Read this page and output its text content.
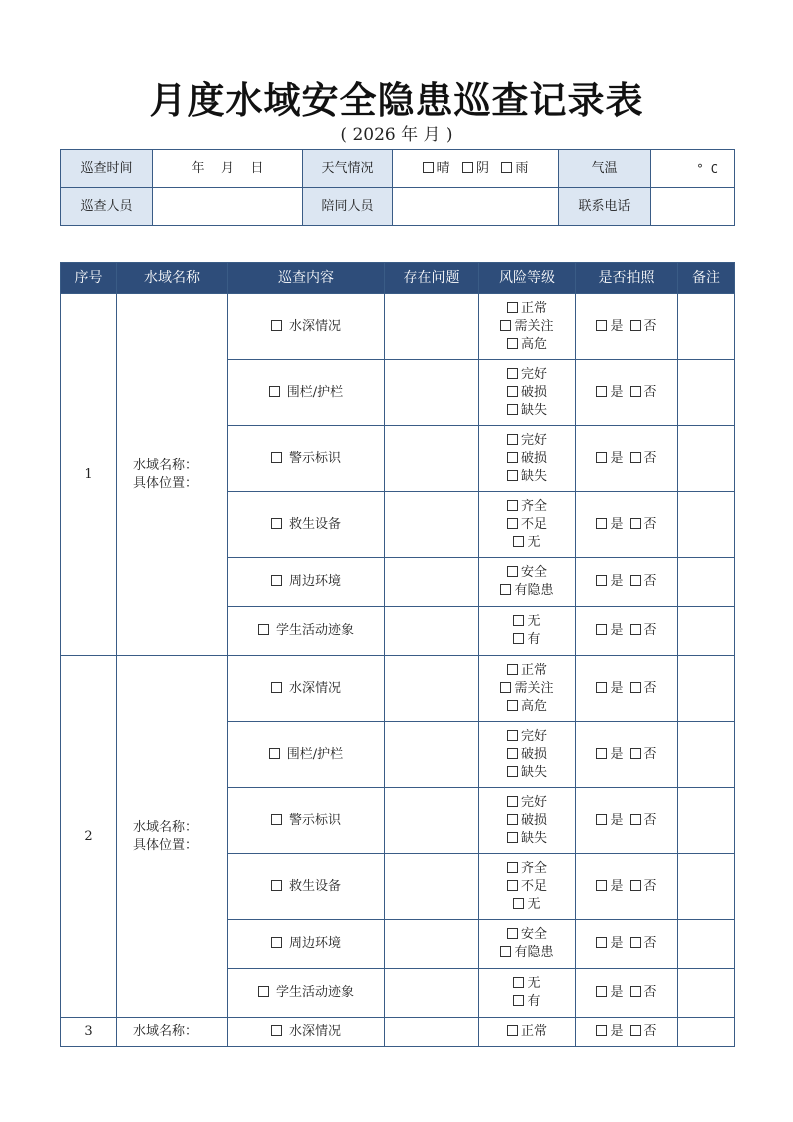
月度水域安全隐患巡查记录表
( 2026 年 月 )
巡查时间	年    月    日	天气情况	晴 阴 雨	气温	° C
巡查人员		陪同人员		联系电话	
序号	水域名称	巡查内容	存在问题	风险等级	是否拍照	备注
1	水域名称：
具体位置：	水深情况		正常
需关注
高危	是 否	
		围栏/护栏		完好
破损
缺失	是 否	
		警示标识		完好
破损
缺失	是 否	
		救生设备		齐全
不足
无	是 否	
		周边环境		安全
有隐患	是 否	
		学生活动迹象		无
有	是 否	
2	水域名称：
具体位置：	水深情况		正常
需关注
高危	是 否	
		围栏/护栏		完好
破损
缺失	是 否	
		警示标识		完好
破损
缺失	是 否	
		救生设备		齐全
不足
无	是 否	
		周边环境		安全
有隐患	是 否	
		学生活动迹象		无
有	是 否	
3	水域名称：	水深情况		正常	是 否	
